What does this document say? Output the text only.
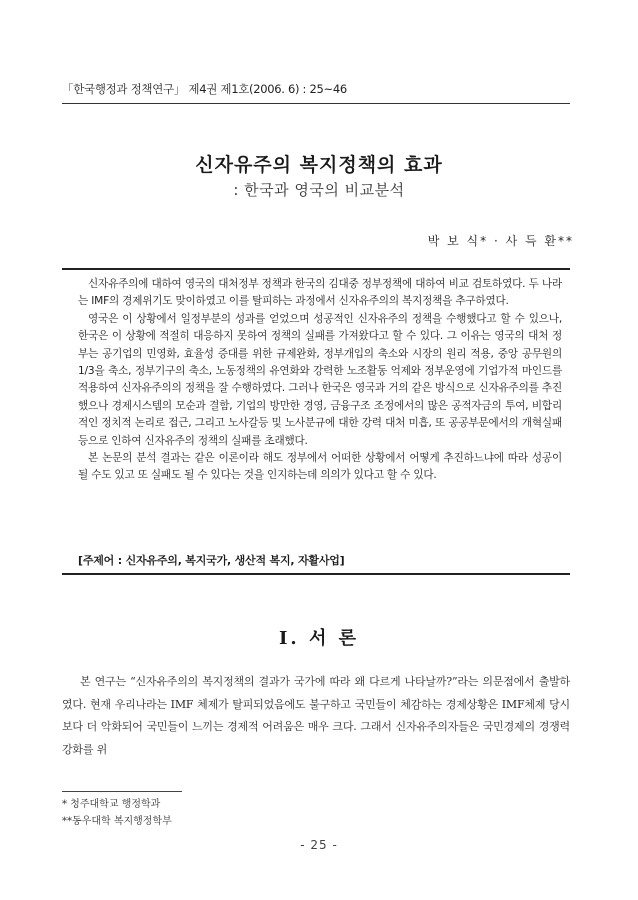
「한국행정과 정책연구」 제4권 제1호(2006. 6) : 25~46
신자유주의 복지정책의 효과
: 한국과 영국의 비교분석
박 보 식* · 사 득 환**

신자유주의에 대하여 영국의 대처정부 정책과 한국의 김대중 정부정책에 대하여 비교 검토하였다. 두 나라는 IMF의 경제위기도 맞이하였고 이를 탈피하는 과정에서 신자유주의의 복지정책을 추구하였다.

영국은 이 상황에서 일정부분의 성과를 얻었으며 성공적인 신자유주의 정책을 수행했다고 할 수 있으나, 한국은 이 상황에 적절히 대응하지 못하여 정책의 실패를 가져왔다고 할 수 있다. 그 이유는 영국의 대처 정부는 공기업의 민영화, 효율성 증대를 위한 규제완화, 정부개입의 축소와 시장의 원리 적용, 중앙 공무원의 1/3을 축소, 정부기구의 축소, 노동정책의 유연화와 강력한 노조활동 억제와 정부운영에 기업가적 마인드를 적용하여 신자유주의의 정책을 잘 수행하였다. 그러나 한국은 영국과 거의 같은 방식으로 신자유주의를 추진했으나 경제시스템의 모순과 결함, 기업의 방만한 경영, 금융구조 조정에서의 많은 공적자금의 투여, 비합리적인 정치적 논리로 접근, 그리고 노사갈등 및 노사분규에 대한 강력 대처 미흡, 또 공공부문에서의 개혁실패 등으로 인하여 신자유주의 정책의 실패를 초래했다.

본 논문의 분석 결과는 같은 이론이라 해도 정부에서 어떠한 상황에서 어떻게 추진하느냐에 따라 성공이 될 수도 있고 또 실패도 될 수 있다는 것을 인지하는데 의의가 있다고 할 수 있다.

[주제어 : 신자유주의, 복지국가, 생산적 복지, 자활사업]
I. 서 론

본 연구는 “신자유주의의 복지정책의 결과가 국가에 따라 왜 다르게 나타날까?”라는 의문점에서 출발하였다. 현재 우리나라는 IMF 체제가 탈피되었음에도 불구하고 국민들이 체감하는 경제상황은 IMF체제 당시보다 더 악화되어 국민들이 느끼는 경제적 어려움은 매우 크다. 그래서 신자유주의자들은 국민경제의 경쟁력 강화를 위

* 청주대학교 행정학과
**동우대학 복지행정학부
- 25 -
